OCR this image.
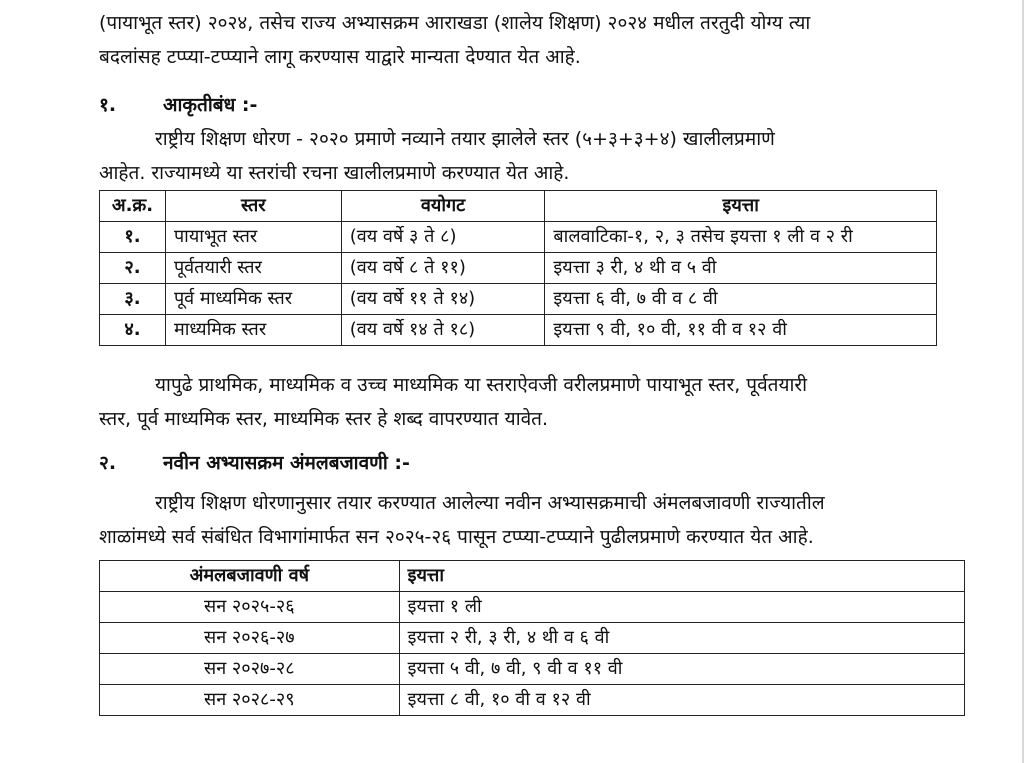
(पायाभूत स्तर) २०२४, तसेच राज्य अभ्यासक्रम आराखडा (शालेय शिक्षण) २०२४ मधील तरतुदी योग्य त्या
बदलांसह टप्प्या-टप्प्याने लागू करण्यास याद्वारे मान्यता देण्यात येत आहे.

१. आकृतीबंध :-

राष्ट्रीय शिक्षण धोरण - २०२० प्रमाणे नव्याने तयार झालेले स्तर (५+३+३+४) खालीलप्रमाणे
आहेत. राज्यामध्ये या स्तरांची रचना खालीलप्रमाणे करण्यात येत आहे.

अ.क्र.	स्तर	वयोगट	इयत्ता
१.	पायाभूत स्तर	(वय वर्षे ३ ते ८)	बालवाटिका-१, २, ३ तसेच इयत्ता १ ली व २ री
२.	पूर्वतयारी स्तर	(वय वर्षे ८ ते ११)	इयत्ता ३ री, ४ थी व ५ वी
३.	पूर्व माध्यमिक स्तर	(वय वर्षे ११ ते १४)	इयत्ता ६ वी, ७ वी व ८ वी
४.	माध्यमिक स्तर	(वय वर्षे १४ ते १८)	इयत्ता ९ वी, १० वी, ११ वी व १२ वी

यापुढे प्राथमिक, माध्यमिक व उच्च माध्यमिक या स्तराऐवजी वरीलप्रमाणे पायाभूत स्तर, पूर्वतयारी
स्तर, पूर्व माध्यमिक स्तर, माध्यमिक स्तर हे शब्द वापरण्यात यावेत.

२. नवीन अभ्यासक्रम अंमलबजावणी :-

राष्ट्रीय शिक्षण धोरणानुसार तयार करण्यात आलेल्या नवीन अभ्यासक्रमाची अंमलबजावणी राज्यातील
शाळांमध्ये सर्व संबंधित विभागांमार्फत सन २०२५-२६ पासून टप्प्या-टप्प्याने पुढीलप्रमाणे करण्यात येत आहे.

अंमलबजावणी वर्ष	इयत्ता
सन २०२५-२६	इयत्ता १ ली
सन २०२६-२७	इयत्ता २ री, ३ री, ४ थी व ६ वी
सन २०२७-२८	इयत्ता ५ वी, ७ वी, ९ वी व ११ वी
सन २०२८-२९	इयत्ता ८ वी, १० वी व १२ वी
